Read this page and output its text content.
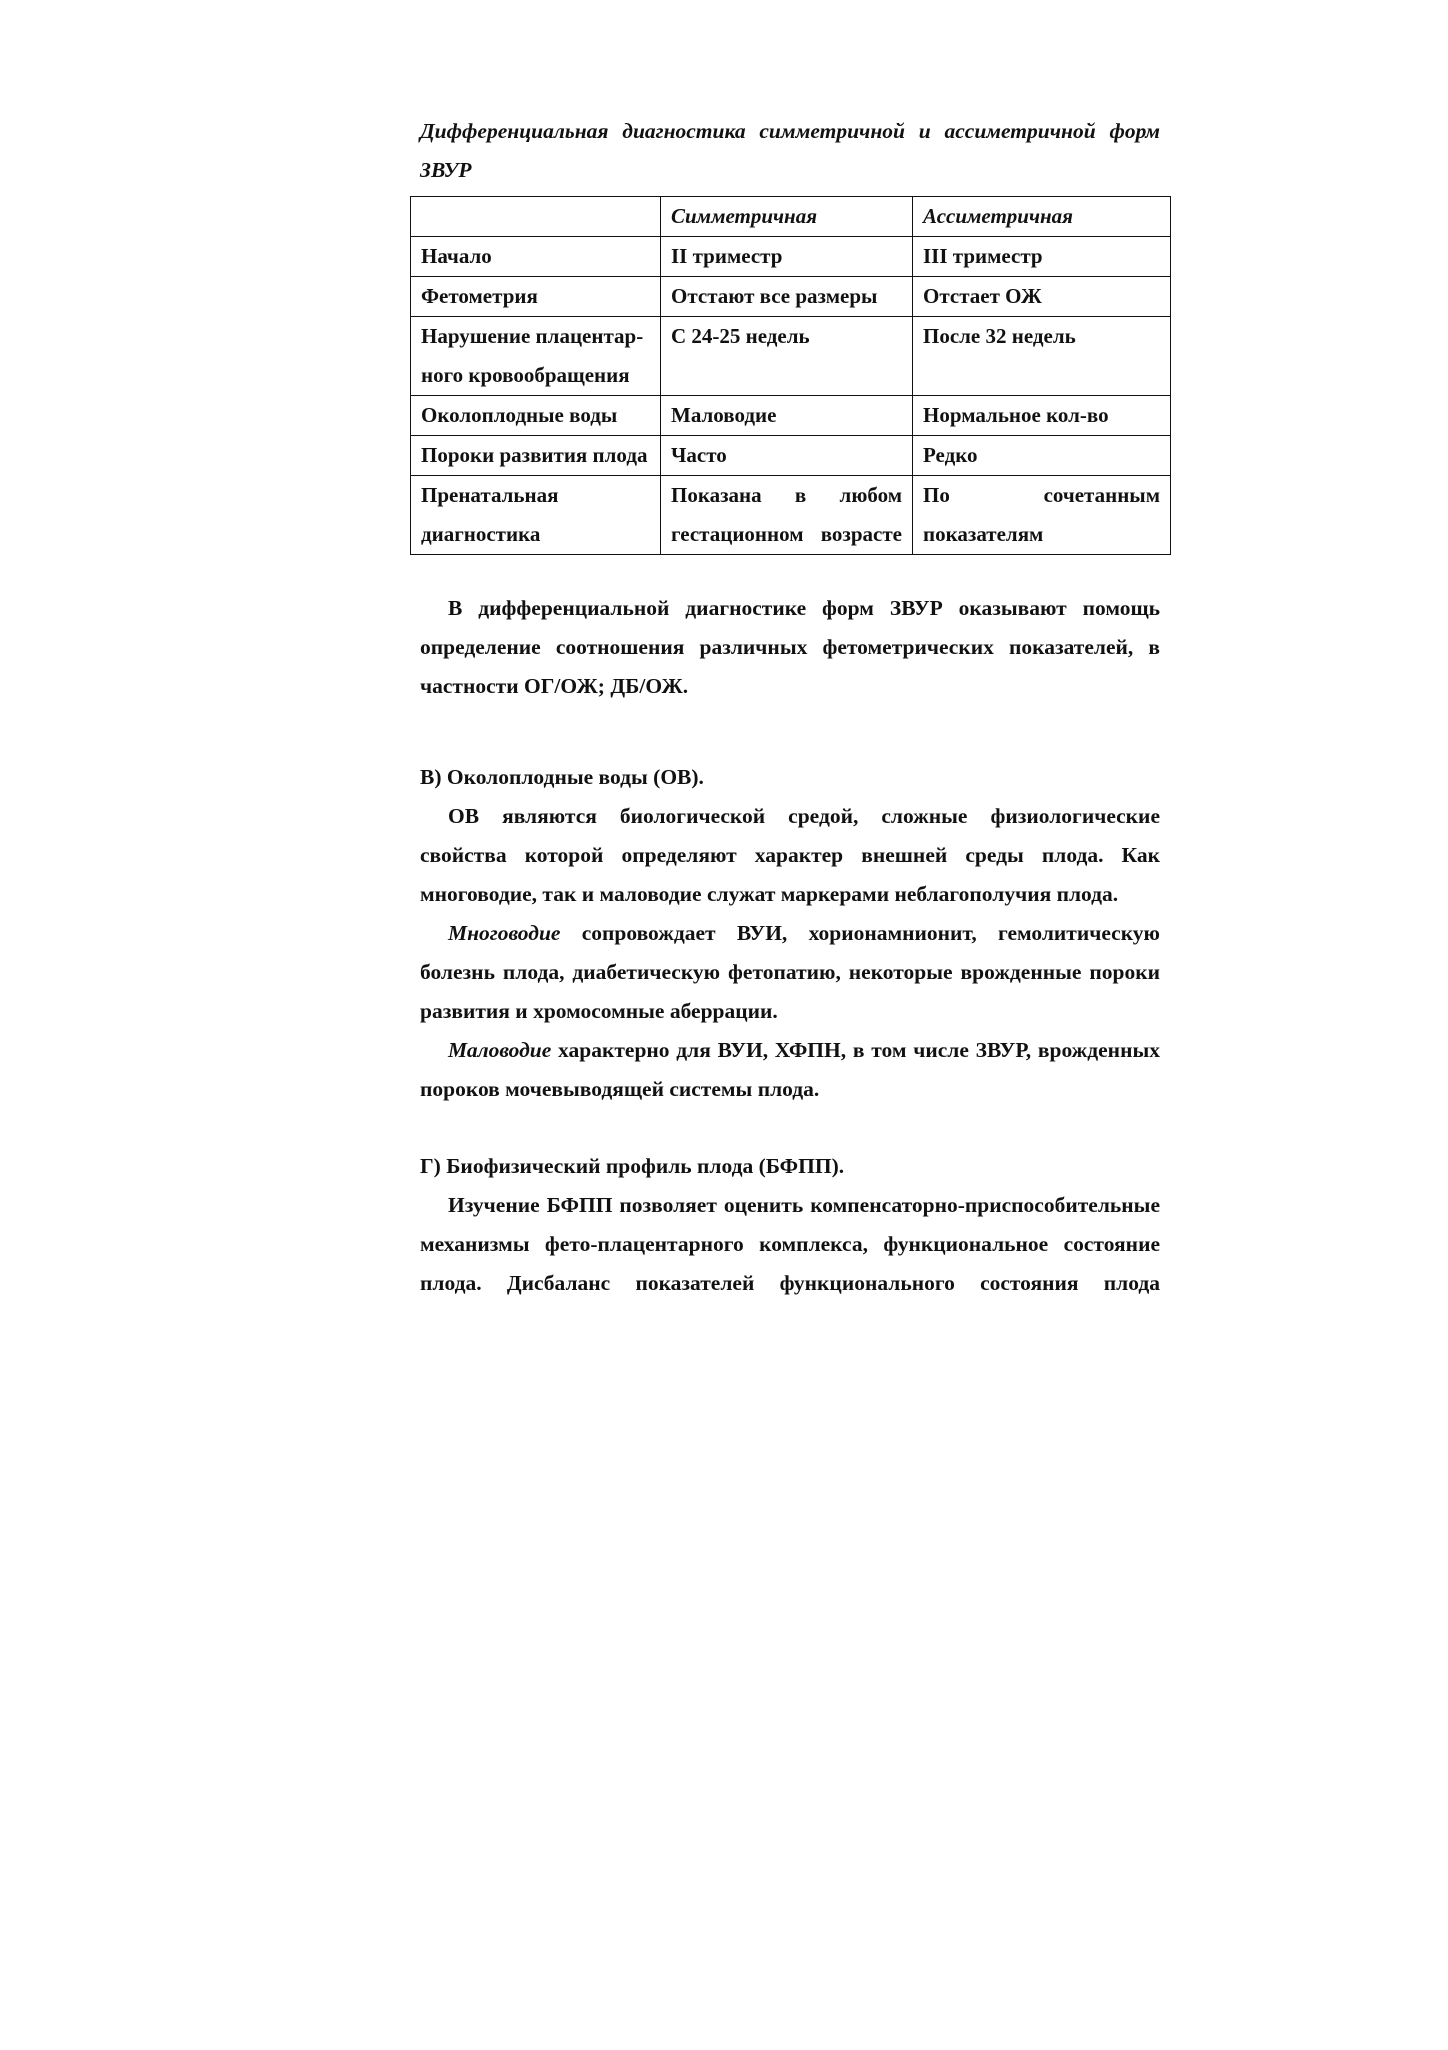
Дифференциальная диагностика симметричной и ассиметричной форм ЗВУР

	Симметричная	Ассиметричная
Начало	II триместр	III триместр
Фетометрия	Отстают все размеры	Отстает ОЖ
Нарушение плацентар-ного кровообращения	С 24-25 недель	После 32 недель
Околоплодные воды	Маловодие	Нормальное кол-во
Пороки развития плода	Часто	Редко
Пренатальная диагностика	Показана в любом гестационном возрасте	По сочетанным показателям

В дифференциальной диагностике форм ЗВУР оказывают помощь определение соотношения различных фетометрических показателей, в частности ОГ/ОЖ; ДБ/ОЖ.

В) Околоплодные воды (ОВ).

ОВ являются биологической средой, сложные физиологические свойства которой определяют характер внешней среды плода. Как многоводие, так и маловодие служат маркерами неблагополучия плода.

Многоводие сопровождает ВУИ, хорионамнионит, гемолитическую болезнь плода, диабетическую фетопатию, некоторые врожденные пороки развития и хромосомные аберрации.

Маловодие характерно для ВУИ, ХФПН, в том числе ЗВУР, врожденных пороков мочевыводящей системы плода.

Г) Биофизический профиль плода (БФПП).

Изучение БФПП позволяет оценить компенсаторно-приспособительные механизмы фето-плацентарного комплекса, функциональное состояние плода. Дисбаланс показателей функционального состояния плода
